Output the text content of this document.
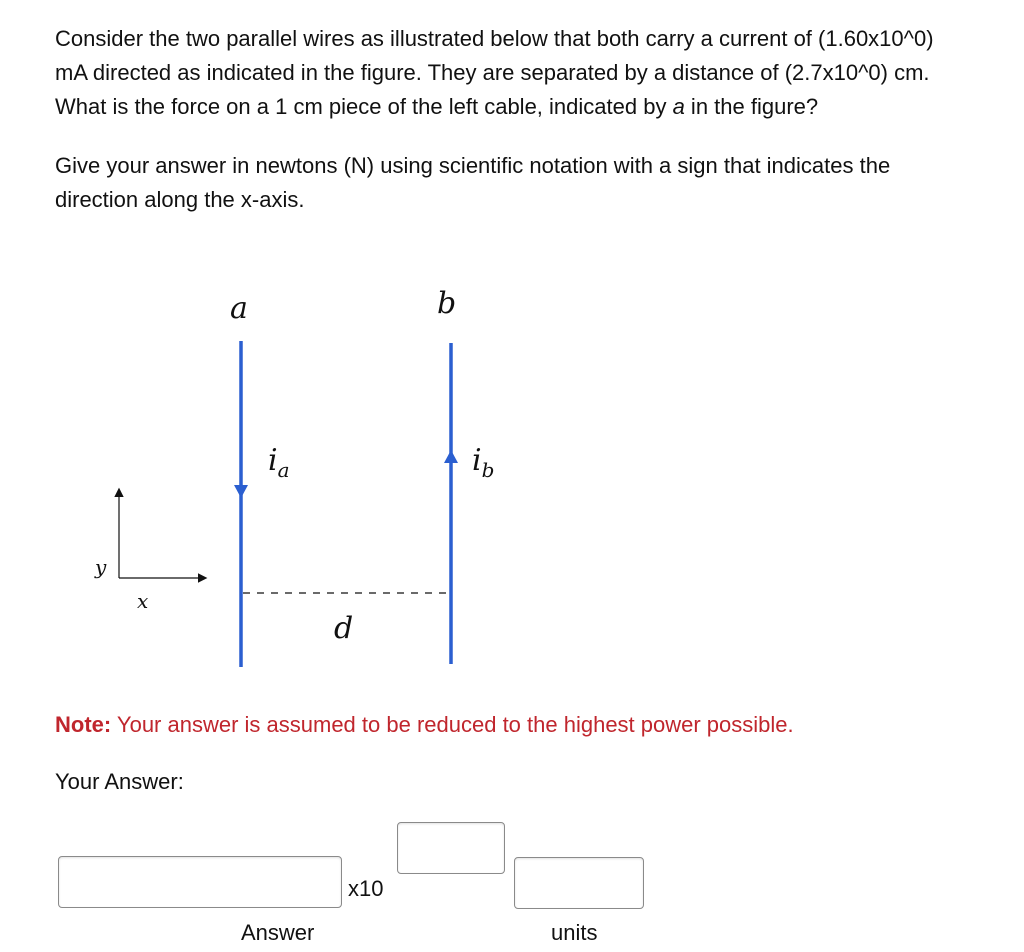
Consider the two parallel wires as illustrated below that both carry a current of (1.60x10^0) mA directed as indicated in the figure. They are separated by a distance of (2.7x10^0) cm. What is the force on a 1 cm piece of the left cable, indicated by a in the figure?

Give your answer in newtons (N) using scientific notation with a sign that indicates the direction along the x-axis.

y
x
a	b
$i_a$	$i_b$
d
Note: Your answer is assumed to be reduced to the highest power possible.
Your Answer:
x10
Answer	units
